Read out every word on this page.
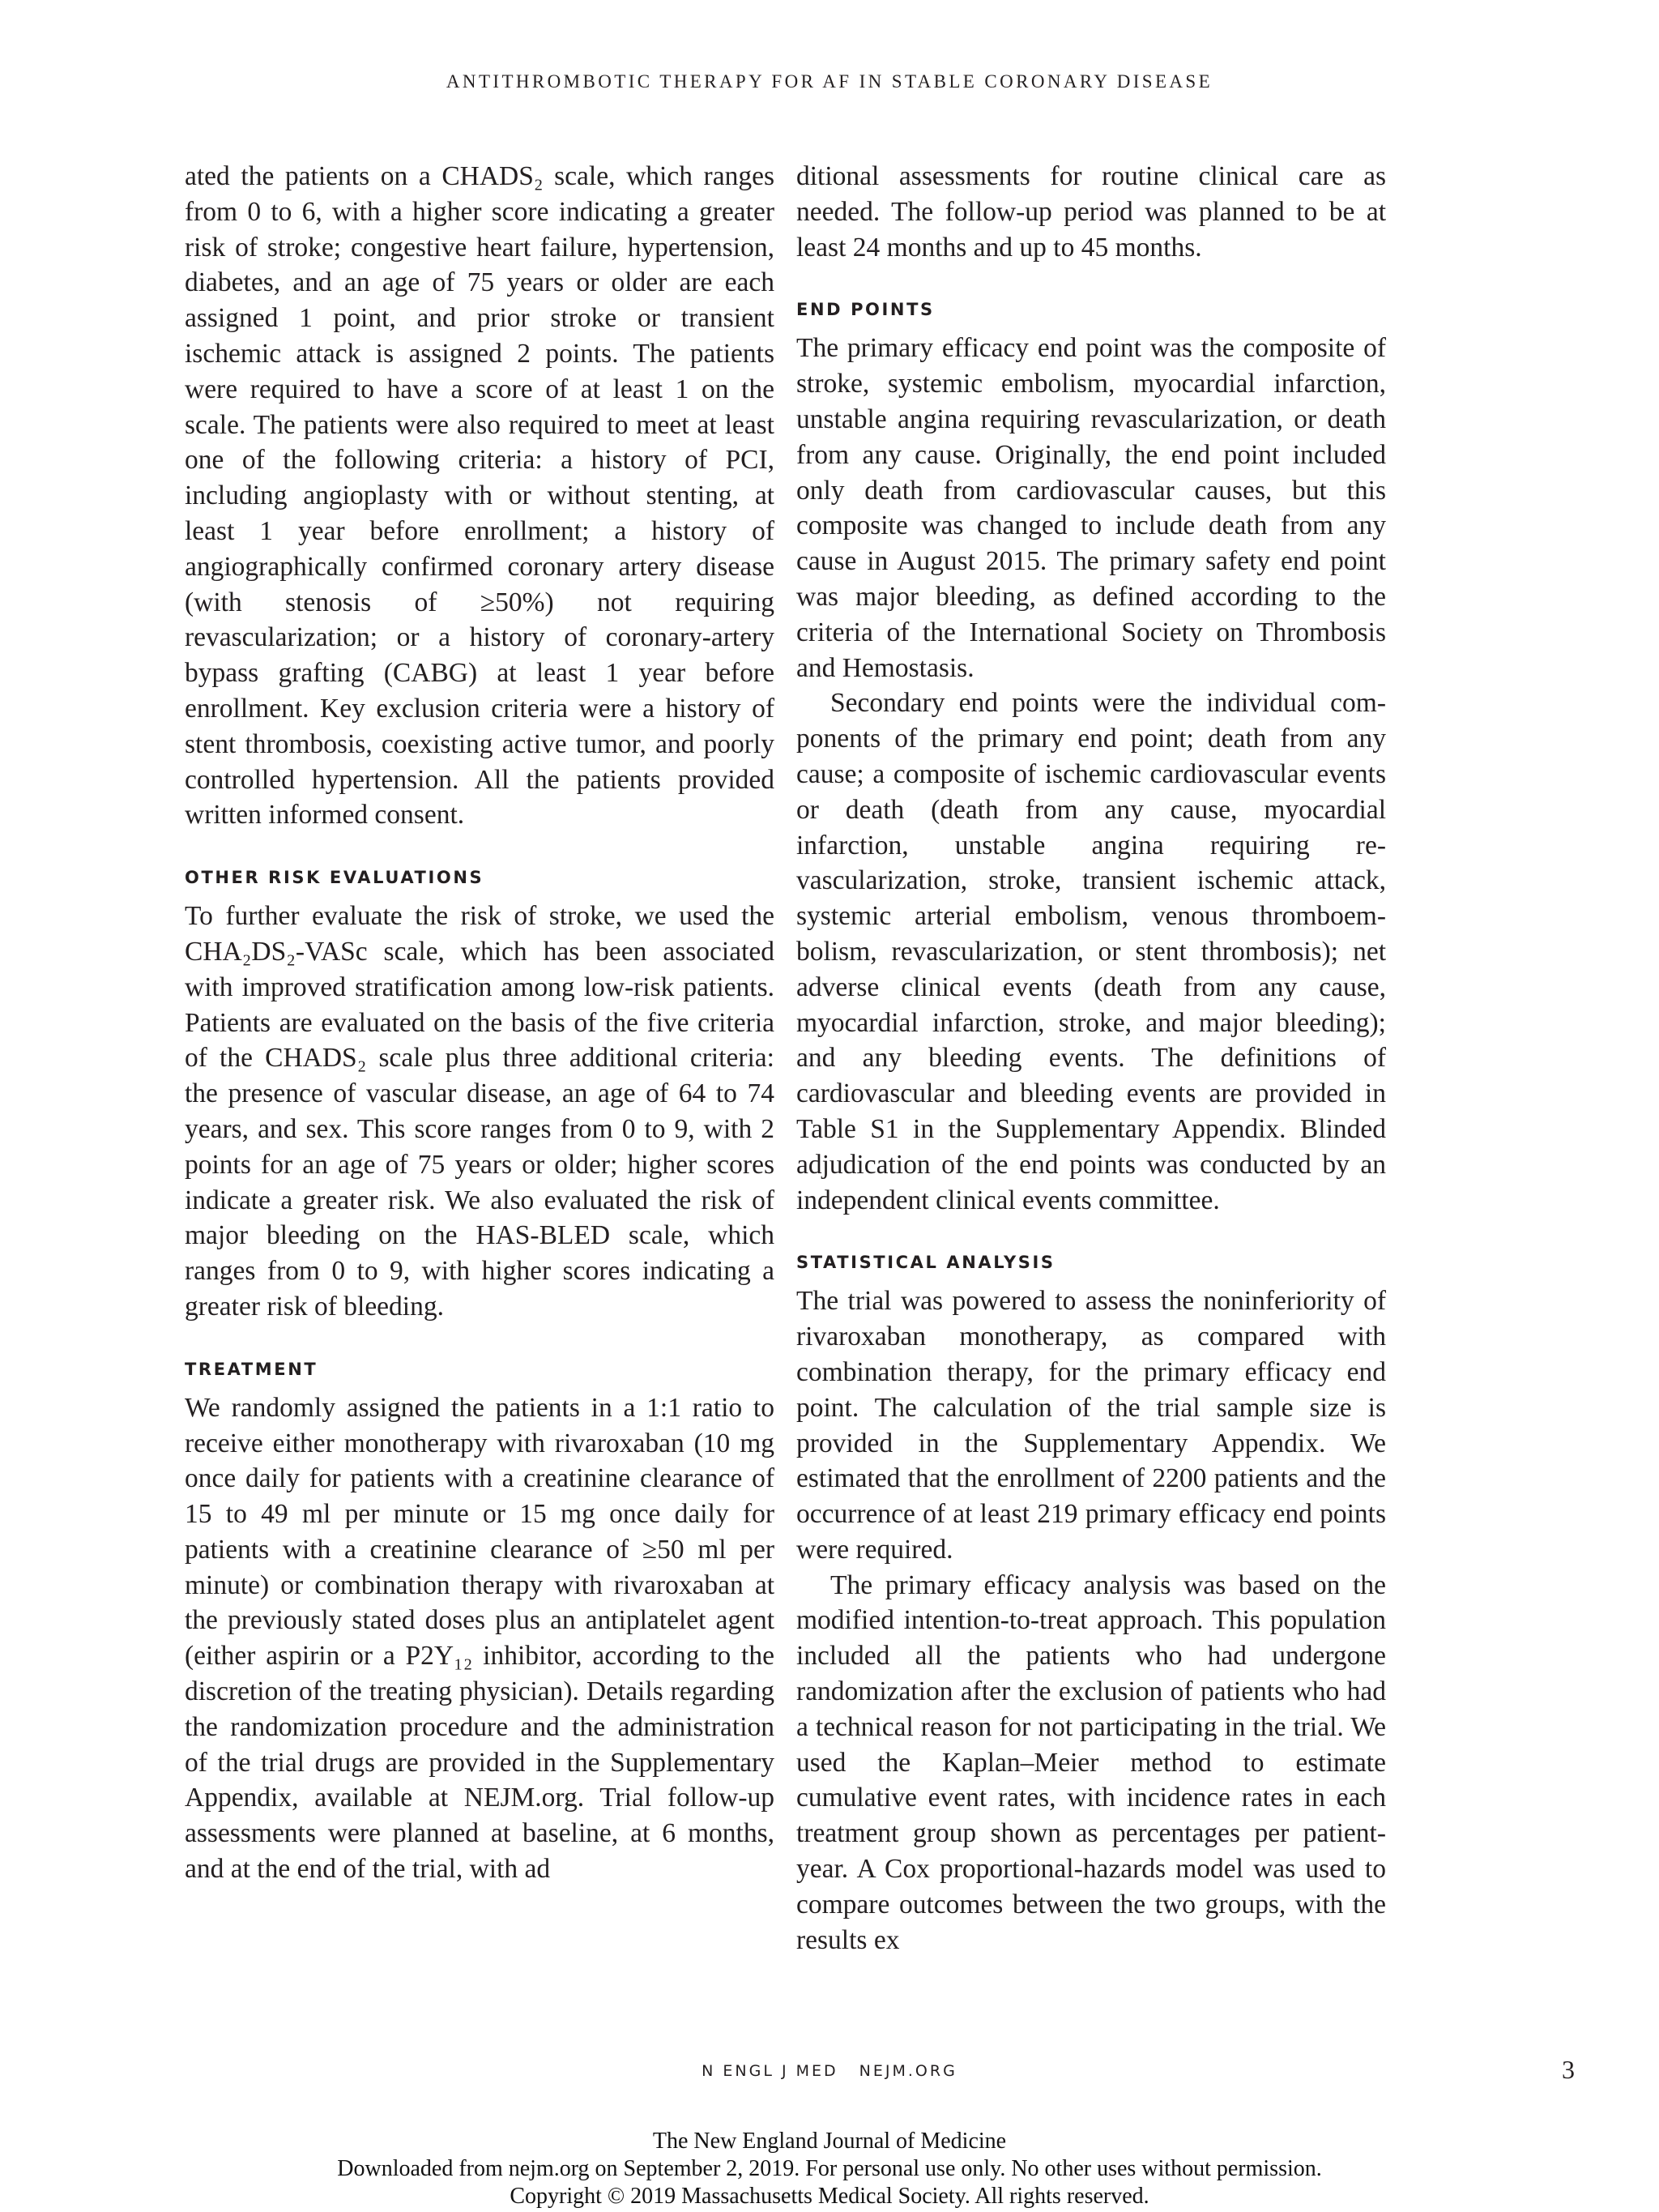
ANTITHROMBOTIC THERAPY FOR AF IN STABLE CORONARY DISEASE

ated the patients on a CHADS₂ scale, which ranges from 0 to 6, with a higher score indicating a greater risk of stroke; congestive heart failure, hypertension, diabetes, and an age of 75 years or older are each assigned 1 point, and prior stroke or transient ischemic attack is assigned 2 points. The patients were required to have a score of at least 1 on the scale. The patients were also required to meet at least one of the following criteria: a history of PCI, including angioplasty with or without stenting, at least 1 year before enrollment; a history of angiographically confirmed coronary artery disease (with stenosis of ≥50%) not requiring revascularization; or a history of coronary-artery bypass grafting (CABG) at least 1 year before enrollment. Key exclusion criteria were a history of stent thrombosis, coexisting active tumor, and poorly controlled hypertension. All the patients provided written informed consent.

OTHER RISK EVALUATIONS

To further evaluate the risk of stroke, we used the CHA₂DS₂-VASc scale, which has been associated with improved stratification among low-risk patients. Patients are evaluated on the basis of the five criteria of the CHADS₂ scale plus three additional criteria: the presence of vascular disease, an age of 64 to 74 years, and sex. This score ranges from 0 to 9, with 2 points for an age of 75 years or older; higher scores indicate a greater risk. We also evaluated the risk of major bleeding on the HAS-BLED scale, which ranges from 0 to 9, with higher scores indicating a greater risk of bleeding.

TREATMENT

We randomly assigned the patients in a 1:1 ratio to receive either monotherapy with rivaroxaban (10 mg once daily for patients with a creatinine clearance of 15 to 49 ml per minute or 15 mg once daily for patients with a creatinine clearance of ≥50 ml per minute) or combination therapy with rivaroxaban at the previously stated doses plus an antiplatelet agent (either aspirin or a P2Y₁₂ inhibitor, according to the discretion of the treating physician). Details regarding the randomization procedure and the administration of the trial drugs are provided in the Supplementary Appendix, available at NEJM.org. Trial follow-up assessments were planned at baseline, at 6 months, and at the end of the trial, with ad

ditional assessments for routine clinical care as needed. The follow-up period was planned to be at least 24 months and up to 45 months.

END POINTS

The primary efficacy end point was the composite of stroke, systemic embolism, myocardial infarction, unstable angina requiring revascularization, or death from any cause. Originally, the end point included only death from cardiovascular causes, but this composite was changed to include death from any cause in August 2015. The primary safety end point was major bleeding, as defined according to the criteria of the International Society on Thrombosis and Hemostasis.

Secondary end points were the individual components of the primary end point; death from any cause; a composite of ischemic cardiovascular events or death (death from any cause, myocardial infarction, unstable angina requiring revascularization, stroke, transient ischemic attack, systemic arterial embolism, venous thromboembolism, revascularization, or stent thrombosis); net adverse clinical events (death from any cause, myocardial infarction, stroke, and major bleeding); and any bleeding events. The definitions of cardiovascular and bleeding events are provided in Table S1 in the Supplementary Appendix. Blinded adjudication of the end points was conducted by an independent clinical events committee.

STATISTICAL ANALYSIS

The trial was powered to assess the noninferiority of rivaroxaban monotherapy, as compared with combination therapy, for the primary efficacy end point. The calculation of the trial sample size is provided in the Supplementary Appendix. We estimated that the enrollment of 2200 patients and the occurrence of at least 219 primary efficacy end points were required.

The primary efficacy analysis was based on the modified intention-to-treat approach. This population included all the patients who had undergone randomization after the exclusion of patients who had a technical reason for not participating in the trial. We used the Kaplan–Meier method to estimate cumulative event rates, with incidence rates in each treatment group shown as percentages per patient-year. A Cox proportional-hazards model was used to compare outcomes between the two groups, with the results ex

N ENGL J MED NEJM.ORG	3
The New England Journal of Medicine
Downloaded from nejm.org on September 2, 2019. For personal use only. No other uses without permission.
Copyright © 2019 Massachusetts Medical Society. All rights reserved.
